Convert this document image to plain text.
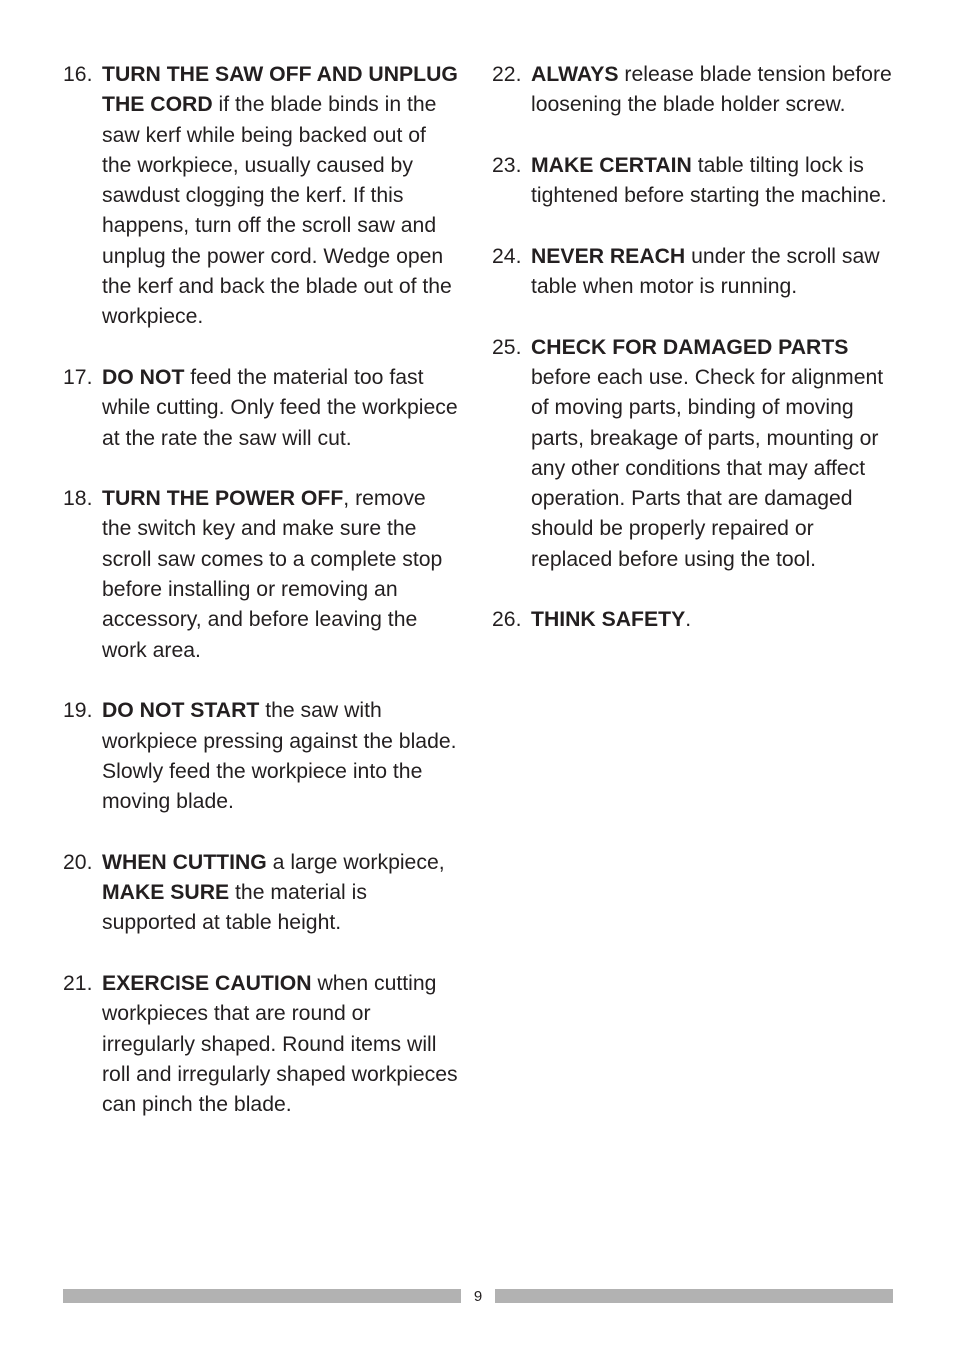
16. TURN THE SAW OFF AND UNPLUG THE CORD if the blade binds in the saw kerf while being backed out of the workpiece, usually caused by sawdust clogging the kerf. If this happens, turn off the scroll saw and unplug the power cord. Wedge open the kerf and back the blade out of the workpiece.
17. DO NOT feed the material too fast while cutting. Only feed the workpiece at the rate the saw will cut.
18. TURN THE POWER OFF, remove the switch key and make sure the scroll saw comes to a complete stop before installing or removing an accessory, and before leaving the work area.
19. DO NOT START the saw with workpiece pressing against the blade. Slowly feed the workpiece into the moving blade.
20. WHEN CUTTING a large workpiece, MAKE SURE the material is supported at table height.
21. EXERCISE CAUTION when cutting workpieces that are round or irregularly shaped. Round items will roll and irregularly shaped workpieces can pinch the blade.
22. ALWAYS release blade tension before loosening the blade holder screw.
23. MAKE CERTAIN table tilting lock is tightened before starting the machine.
24. NEVER REACH under the scroll saw table when motor is running.
25. CHECK FOR DAMAGED PARTS before each use. Check for alignment of moving parts, binding of moving parts, breakage of parts, mounting or any other conditions that may affect operation. Parts that are damaged should be properly repaired or replaced before using the tool.
26. THINK SAFETY.
9
